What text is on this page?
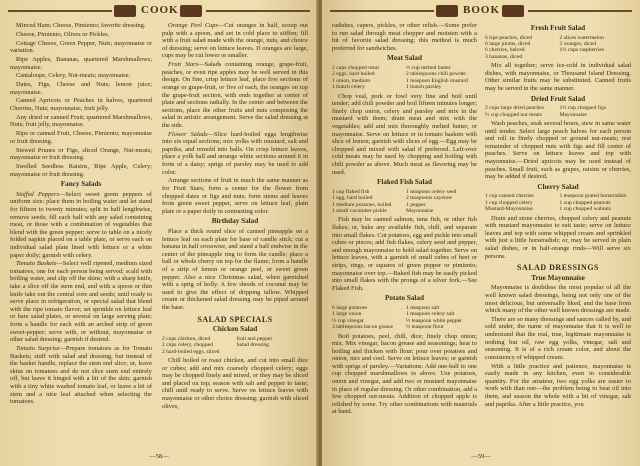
COOK

Minced Ham; Cheese, Pimiento; favorite dressing.

Cheese, Pimiento, Olives or Pickles.

Cottage Cheese, Green Pepper, Nuts; mayonnaise or variation.

Ripe Apples, Bananas, quartered Marshmallows; mayonnaise.

Cantaloupe, Celery, Nut-meats; mayonnaise.

Dates, Figs, Cheese and Nuts; lemon juice; mayonnaise.

Canned Apricots or Peaches in halves, quartered Cherries, Nuts; mayonnaise, fruit jelly.

Any dried or canned Fruit; quartered Marshmallows, Nuts; fruit jelly, mayonnaise.

Ripe or canned Fruit, Cheese, Pimiento; mayonnaise or fruit dressing.

Stewed Prunes or Figs, sliced Orange, Nut-meats; mayonnaise or fruit dressing.

Swelled Seedless Raisins, Ripe Apple, Celery; mayonnaise or fruit dressing.

Fancy Salads

Stuffed Peppers—Select sweet green peppers of uniform size; place them in boiling water and let stand for fifteen to twenty minutes; split in half lengthwise, remove seeds; fill each half with any salad containing meat, or those with a combination of vegetables that blend with the green pepper; serve to table on a nicely folded napkin placed on a table plate, or serve each on individual salad plate lined with lettuce or a white paper doily; garnish with celery.

Tomato Baskets—Select well ripened, medium sized tomatoes, one for each person being served; scald with boiling water, and slip off the skins; with a sharp knife, take a slice off the stem end, and with a spoon or thin knife take out the central core and seeds; until ready to serve place in refrigeration, or special salad that blend with the ripe tomato flavor; set sprinkle on lettuce leaf or bare salad plates, or several on large serving plate; form a handle for each with an arched strip of green sweet-pepper; serve with, or without, mayonnaise or other salad dressing; garnish if desired.

Tomato Surprise—Prepare tomatoes as for Tomato Baskets; stuff with salad and dressing, but instead of the basket handle, replace the stem end slice; or, leave skins on tomatoes and do not slice stem end entirely off, but leave it hinged with a bit of the skin; garnish with a tiny white washed tomato leaf, or leave a bit of stem and a nice leaf attached when selecting the tomatoes.

Orange Peel Cups—Cut oranges in half, scoop out pulp with a spoon, and set in cold place to stiffen; fill with a fruit salad made with the orange, nuts, and choice of dressing; serve on lettuce leaves. If oranges are large, cups may be cut lower or smaller.

Fruit Stars—Salads containing orange, grape-fruit, peaches, or even ripe apples may be well served in this design. On fine, crisp lettuce leaf, place five sections of orange or grape-fruit, or five of each, the oranges on top the grape-fruit section, with ends together at center of plate and sections radially. In the center and between the sections, place the other fruits and nuts composing the salad in artistic arrangement. Serve the salad dressing at the side.

Flower Salads—Slice hard-boiled eggs lengthwise into six equal sections; mix yolks with mustard, salt and paprika, and remold into balls. On crisp lettuce leaves, place a yolk ball and arrange white sections around it in form of a daisy; sprigs of parsley may be used to add color.

Arrange sections of fruit in much the same manner as for Fruit Stars; form a center for the flower from chopped dates or figs and nuts; form stems and leaves from green sweet pepper, serve on lettuce leaf, plain plate or a paper doily in contrasting color.

Birthday Salad

Place a thick round slice of canned pineapple on a lettuce leaf on each plate for base of candle stick; cut a banana in half crosswise, and stand a half endwise in the center of the pineapple ring to form the candle; place a ball or whole cherry on top for the flame; form a handle of a strip of lemon or orange peel, or sweet green pepper. Also a nice Christmas salad, when garnished with a sprig of holly. A few shreds of coconut may be used to give the effect of dripping tallow. Whipped cream or thickened salad dressing may be piped around the base.

SALAD SPECIALS
Chicken Salad
2 cups chicken, diced	fruit and pepper
2 cups celery, chopped	Salad dressing
2 hard-boiled eggs, sliced

Chill boiled or roast chicken, and cut into small dice or cubes; add and mix coarsely chopped celery; eggs may be chopped finely and mixed, or they may be sliced and placed on top; season with salt and pepper to taste; chill until ready to serve. Serve on lettuce leaves with mayonnaise or other choice dressing; garnish with sliced olives,

BOOK

radishes, capers, pickles, or other relish.—Some prefer to run salad through meat chopper and moisten with a bit of favorite salad dressing; this method is much preferred for sandwiches.

Meat Salad
2 cups chopped meat	½ cup melted butter
2 eggs, hard boiled	2 tablespoons chili powder
1 onion, medium	1 teaspoon English mustard
1 bunch celery	1 bunch parsley

Chop veal, pork or fowl very fine and boil until tender; add chili powder and boil fifteen minutes longer; finely chop onion, celery and parsley and mix in the mustard with them; drain meat and mix with the vegetables; add and mix thoroughly melted butter, or mayonnaise. Serve on lettuce or in tomato baskets with slice of lemon; garnish with slices of egg.—Egg may be chopped and mixed with salad if preferred. Left-over cold meats may be used by chopping and boiling with chili powder as above. Much meat as flavoring may be used.

Flaked Fish Salad
1 cup flaked fish	1 teaspoon celery seed
1 egg, hard boiled	2 teaspoons cayenne
1 medium potatoes, boiled	1 pepper
1 small cucumber pickle	Mayonnaise

Fish may be canned salmon, tuna fish, or other fish flakes; or, bake any available fish, chill, and separate into small flakes. Cut potatoes, egg and pickle into small cubes or pieces; add fish flakes, celery seed and pepper, and enough mayonnaise to hold salad together. Serve on lettuce leaves, with a garnish of small cubes of beet or strips, rings, or squares of green pepper or pimiento; mayonnaise over top.—Baked fish may be easily picked into small flakes with the prongs of a silver fork.—See Flaked Fish.

Potato Salad
6 large potatoes	1 teaspoon salt
1 large onion	1 teaspoon celery salt
½ cup vinegar	½ teaspoon white pepper
3 tablespoons bacon grease	½ teaspoon flour

Boil potatoes, peel, chill, dice; finely chop onion; mix. Mix vinegar, bacon grease and seasonings; heat to boiling and thicken with flour; pour over potatoes and onion, mix and cool. Serve on lettuce leaves; or garnish with sprigs of parsley.—Variations: Add one-half to one cup chopped marshmallows to above. Use potatoes, onion and vinegar, and add two or mustard mayonnaise in place of regular dressing. Or other combination, add a few chopped nut-meats. Addition of chopped apple is relished by some. Try other combinations with materials at hand.

Fresh Fruit Salad
6 ripe peaches, diced	2 slices watermelon
6 large plums, diced	2 oranges, diced
6 cherries, halved	1½ cups raspberries
3 bananas, diced

Mix all together; serve ice-cold in individual salad dishes, with mayonnaise, or Thousand Island Dressing. Other similar fruits may be substituted. Canned fruits may be served in the same manner.

Dried Fruit Salad
2 cups large dried peaches	1½ cup chopped figs
½ cup chopped nut meats	Mayonnaise

Wash peaches, soak several hours, stew in same water until tender. Select large peach halves for each person and roll in finely chopped or ground nut-meats; rest remainder of chopped nuts with figs and fill center of peaches. Serve on lettuce leaves and top with mayonnaise.—Dried apricots may be used instead of peaches. Small fruit, such as grapes, raisins or cherries, may be added if desired.

Cherry Salad
1 cup canned cherries	1 teaspoon grated horseradish
1 cup chopped celery	1 cup chopped peanuts
Mustard-Mayonnaise	1 cup chopped walnuts

Drain and stone cherries, chopped celery and peanuts with mustard mayonnaise to suit taste; serve on lettuce leaves and top with some whipped cream and sprinkled with just a little horseradish; or, may be served in plain salad dishes, or in half-orange rinds—Will serve six persons.

SALAD DRESSINGS
True Mayonnaise

Mayonnaise is doubtless the most popular of all the well known salad dressings, being not only one of the most delicious, but universally liked, and the base from which many of the other well known dressings are made.

There are so many dressings and sauces called by, and sold under, the name of mayonnaise that it is well to understand that the real, true, legitimate mayonnaise is nothing but oil, raw egg yolks, vinegar, salt and seasoning. It is of a rich cream color, and about the consistency of whipped cream.

With a little practice and patience, mayonnaise is easily made in any kitchen, even in considerable quantity. For the amateur, two egg yolks are easier to work with than one—the problem being to beat oil into them, and season the whole with a bit of vinegar, salt and paprika. After a little practice, you

—58—	—59—
